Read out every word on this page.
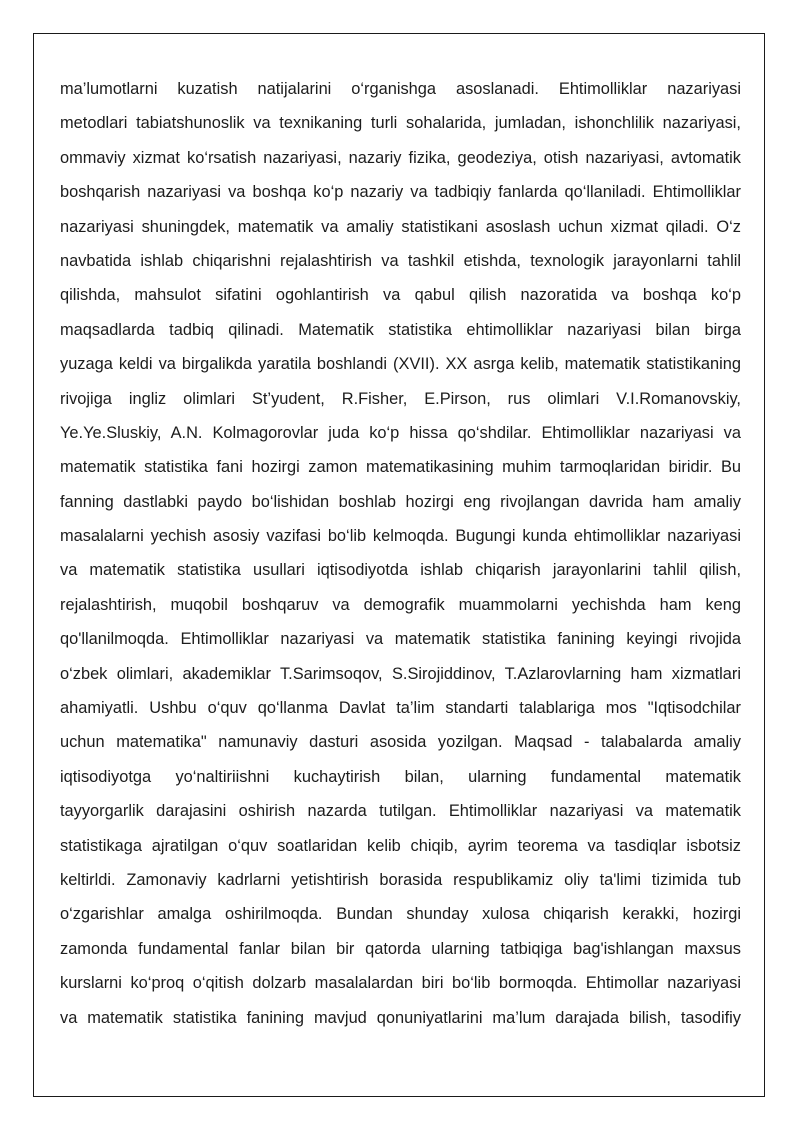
ma’lumotlarni kuzatish natijalarini o‘rganishga asoslanadi. Ehtimolliklar nazariyasi
metodlari tabiatshunoslik va texnikaning turli sohalarida, jumladan, ishonchlilik nazariyasi,
ommaviy xizmat ko‘rsatish nazariyasi, nazariy fizika, geodeziya, otish nazariyasi, avtomatik
boshqarish nazariyasi va boshqa ko‘p nazariy va tadbiqiy fanlarda qo‘llaniladi. Ehtimolliklar
nazariyasi shuningdek, matematik va amaliy statistikani asoslash uchun xizmat qiladi. O‘z
navbatida ishlab chiqarishni rejalashtirish va tashkil etishda, texnologik jarayonlarni tahlil
qilishda, mahsulot sifatini ogohlantirish va qabul qilish nazoratida va boshqa ko‘p
maqsadlarda tadbiq qilinadi. Matematik statistika ehtimolliklar nazariyasi bilan birga
yuzaga keldi va birgalikda yaratila boshlandi (XVII). XX asrga kelib, matematik statistikaning
rivojiga ingliz olimlari St’yudent, R.Fisher, E.Pirson, rus olimlari V.I.Romanovskiy,
Ye.Ye.Sluskiy, A.N. Kolmagorovlar juda ko‘p hissa qo‘shdilar. Ehtimolliklar nazariyasi va
matematik statistika fani hozirgi zamon matematikasining muhim tarmoqlaridan biridir. Bu
fanning dastlabki paydo bo‘lishidan boshlab hozirgi eng rivojlangan davrida ham amaliy
masalalarni yechish asosiy vazifasi bo‘lib kelmoqda. Bugungi kunda ehtimolliklar nazariyasi
va matematik statistika usullari iqtisodiyotda ishlab chiqarish jarayonlarini tahlil qilish,
rejalashtirish, muqobil boshqaruv va demografik muammolarni yechishda ham keng
qo'llanilmoqda. Ehtimolliklar nazariyasi va matematik statistika fanining keyingi rivojida
o‘zbek olimlari, akademiklar T.Sarimsoqov, S.Sirojiddinov, T.Azlarovlarning ham xizmatlari
ahamiyatli. Ushbu o‘quv qo‘llanma Davlat ta’lim standarti talablariga mos "Iqtisodchilar
uchun matematika" namunaviy dasturi asosida yozilgan. Maqsad - talabalarda amaliy
iqtisodiyotga yo‘naltiriishni kuchaytirish bilan, ularning fundamental matematik
tayyorgarlik darajasini oshirish nazarda tutilgan. Ehtimolliklar nazariyasi va matematik
statistikaga ajratilgan o‘quv soatlaridan kelib chiqib, ayrim teorema va tasdiqlar isbotsiz
keltirldi. Zamonaviy kadrlarni yetishtirish borasida respublikamiz oliy ta'limi tizimida tub
o‘zgarishlar amalga oshirilmoqda. Bundan shunday xulosa chiqarish kerakki, hozirgi
zamonda fundamental fanlar bilan bir qatorda ularning tatbiqiga bag'ishlangan maxsus
kurslarni ko‘proq o‘qitish dolzarb masalalardan biri bo‘lib bormoqda. Ehtimollar nazariyasi
va matematik statistika fanining mavjud qonuniyatlarini ma’lum darajada bilish, tasodifiy
